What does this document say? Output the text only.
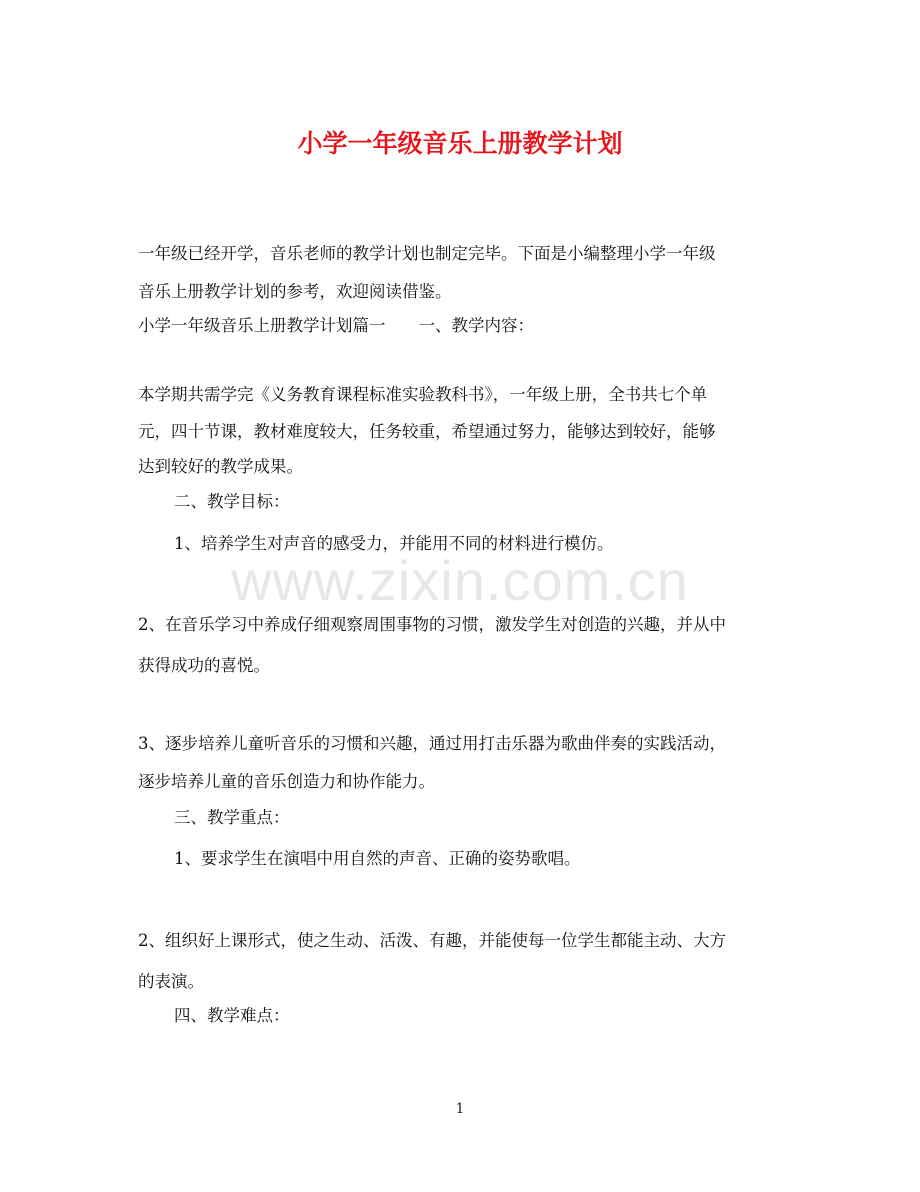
小学一年级音乐上册教学计划
一年级已经开学，音乐老师的教学计划也制定完毕。下面是小编整理小学一年级
音乐上册教学计划的参考，欢迎阅读借鉴。
小学一年级音乐上册教学计划篇一　　一、教学内容：
本学期共需学完《义务教育课程标准实验教科书》，一年级上册，全书共七个单
元，四十节课，教材难度较大，任务较重，希望通过努力，能够达到较好，能够
达到较好的教学成果。
二、教学目标：
1、培养学生对声音的感受力，并能用不同的材料进行模仿。
2、在音乐学习中养成仔细观察周围事物的习惯，激发学生对创造的兴趣，并从中
获得成功的喜悦。
3、逐步培养儿童听音乐的习惯和兴趣，通过用打击乐器为歌曲伴奏的实践活动，
逐步培养儿童的音乐创造力和协作能力。
三、教学重点：
1、要求学生在演唱中用自然的声音、正确的姿势歌唱。
2、组织好上课形式，使之生动、活泼、有趣，并能使每一位学生都能主动、大方
的表演。
四、教学难点：
www.zixin.com.cn
1
